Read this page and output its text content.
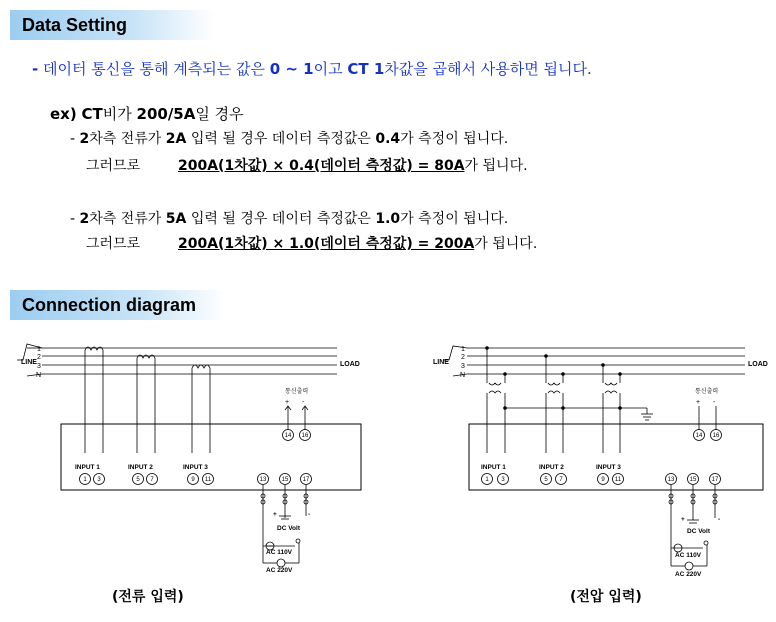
Data Setting
- 데이터 통신을 통해 계측되는 값은 0 ~ 1이고 CT 1차값을 곱해서 사용하면 됩니다.
ex) CT비가 200/5A일 경우
- 2차측 전류가 2A 입력 될 경우 데이터 측정값은 0.4가 측정이 됩니다.
그러므로	200A(1차값) × 0.4(데이터 측정값) = 80A가 됩니다.
- 2차측 전류가 5A 입력 될 경우 데이터 측정값은 1.0가 측정이 됩니다.
그러므로	200A(1차값) × 1.0(데이터 측정값) = 200A가 됩니다.
Connection diagram
LINE
1
2
3
N
LOAD
통신출력
+ -
14 16
INPUT 1	INPUT 2	INPUT 3
1 3	5 7	9 11	13	15 17
+	-
DC Volt
AC 110V
AC 220V
LINE
1
2
3
N
LOAD
통신출력
+ -
14 16
INPUT 1	INPUT 2	INPUT 3
1 3	5 7	9 11	13	15	17
+	-
DC Volt
AC 110V
AC 220V
(전류 입력)	(전압 입력)
